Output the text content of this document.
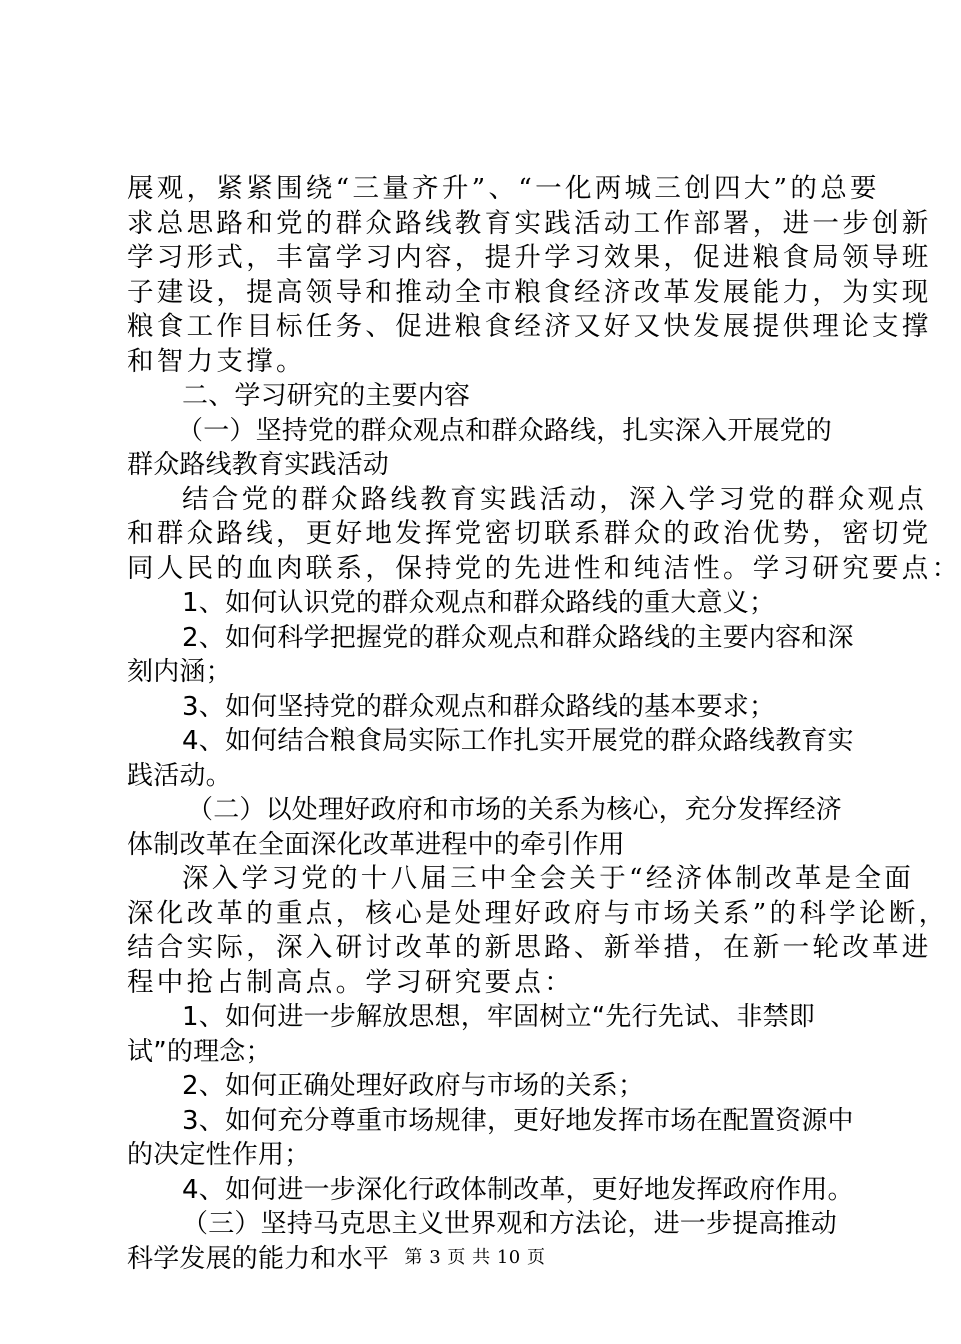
展观，紧紧围绕“三量齐升”、“一化两城三创四大”的总要
求总思路和党的群众路线教育实践活动工作部署，进一步创新
学习形式，丰富学习内容，提升学习效果，促进粮食局领导班
子建设，提高领导和推动全市粮食经济改革发展能力，为实现
粮食工作目标任务、促进粮食经济又好又快发展提供理论支撑
和智力支撑。
二、学习研究的主要内容
（一）坚持党的群众观点和群众路线，扎实深入开展党的
群众路线教育实践活动
结合党的群众路线教育实践活动，深入学习党的群众观点
和群众路线，更好地发挥党密切联系群众的政治优势，密切党
同人民的血肉联系，保持党的先进性和纯洁性。学习研究要点：
1、如何认识党的群众观点和群众路线的重大意义；
2、如何科学把握党的群众观点和群众路线的主要内容和深
刻内涵；
3、如何坚持党的群众观点和群众路线的基本要求；
4、如何结合粮食局实际工作扎实开展党的群众路线教育实
践活动。
（二）以处理好政府和市场的关系为核心，充分发挥经济
体制改革在全面深化改革进程中的牵引作用
深入学习党的十八届三中全会关于“经济体制改革是全面
深化改革的重点，核心是处理好政府与市场关系”的科学论断，
结合实际，深入研讨改革的新思路、新举措，在新一轮改革进
程中抢占制高点。学习研究要点：
1、如何进一步解放思想，牢固树立“先行先试、非禁即
试”的理念；
2、如何正确处理好政府与市场的关系；
3、如何充分尊重市场规律，更好地发挥市场在配置资源中
的决定性作用；
4、如何进一步深化行政体制改革，更好地发挥政府作用。
（三）坚持马克思主义世界观和方法论，进一步提高推动
科学发展的能力和水平 第 3 页 共 10 页
